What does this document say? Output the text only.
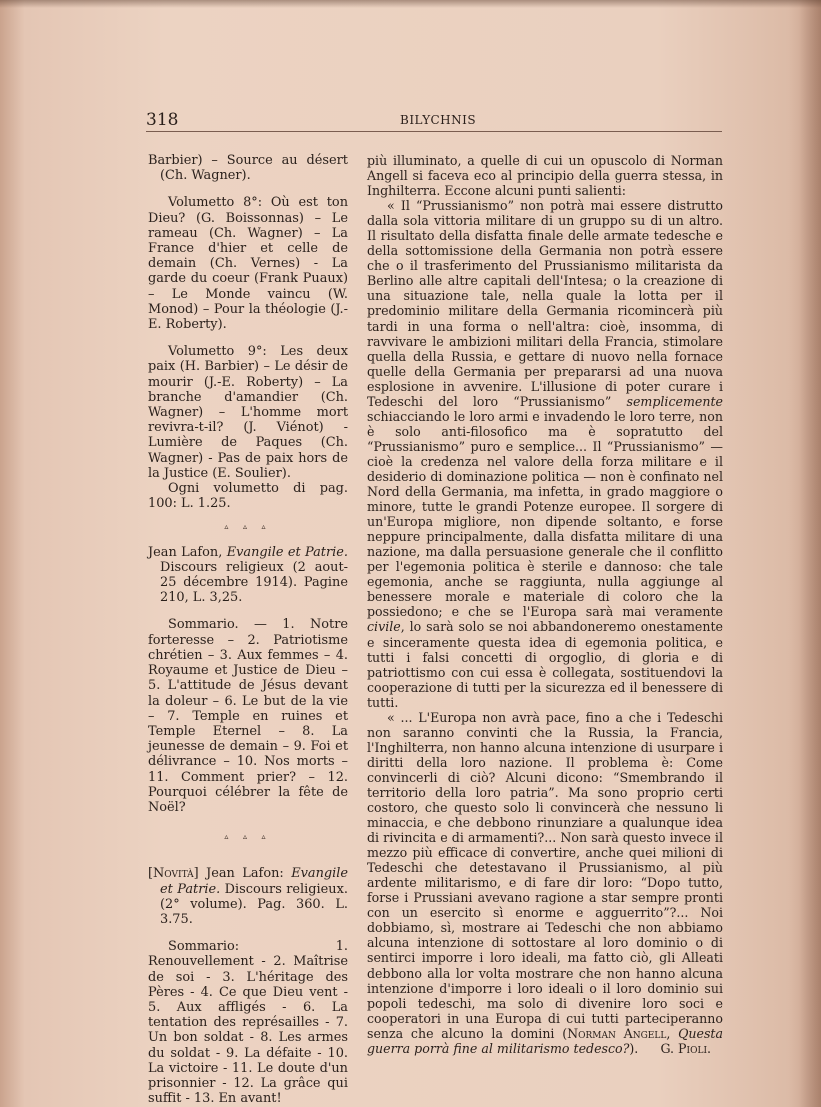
318	BILYCHNIS

Barbier) – Source au désert (Ch. Wagner).

Volumetto 8°: Où est ton Dieu? (G. Boissonnas) – Le rameau (Ch. Wagner) – La France d'hier et celle de demain (Ch. Vernes) - La garde du coeur (Frank Puaux) – Le Monde vaincu (W. Monod) – Pour la théologie (J.-E. Roberty).

Volumetto 9°: Les deux paix (H. Barbier) – Le désir de mourir (J.-E. Roberty) – La branche d'amandier (Ch. Wagner) – L'homme mort revivra-t-il? (J. Viénot) - Lumière de Paques (Ch. Wagner) - Pas de paix hors de la Justice (E. Soulier).

Ogni volumetto di pag. 100: L. 1.25.

▵ ▵ ▵

Jean Lafon, Evangile et Patrie. Discours religieux (2 aout-25 décembre 1914). Pagine 210, L. 3,25.

Sommario. — 1. Notre forteresse – 2. Patriotisme chrétien – 3. Aux femmes – 4. Royaume et Justice de Dieu – 5. L'attitude de Jésus devant la doleur – 6. Le but de la vie – 7. Temple en ruines et Temple Eternel – 8. La jeunesse de demain – 9. Foi et délivrance – 10. Nos morts – 11. Comment prier? – 12. Pourquoi célébrer la fête de Noël?

▵ ▵ ▵

[Novità] Jean Lafon: Evangile et Patrie. Discours religieux. (2° volume). Pag. 360. L. 3.75.

Sommario: 1. Renouvellement - 2. Maîtrise de soi - 3. L'héritage des Pères - 4. Ce que Dieu vent - 5. Aux affligés - 6. La tentation des représailles - 7. Un bon soldat - 8. Les armes du soldat - 9. La défaite - 10. La victoire - 11. Le doute d'un prisonnier - 12. La grâce qui suffit - 13. En avant!

più illuminato, a quelle di cui un opuscolo di Norman Angell si faceva eco al principio della guerra stessa, in Inghilterra. Eccone alcuni punti salienti:

« Il “Prussianismo” non potrà mai essere distrutto dalla sola vittoria militare di un gruppo su di un altro. Il risultato della disfatta finale delle armate tedesche e della sottomissione della Germania non potrà essere che o il trasferimento del Prussianismo militarista da Berlino alle altre capitali dell'Intesa; o la creazione di una situazione tale, nella quale la lotta per il predominio militare della Germania ricomincerà più tardi in una forma o nell'altra: cioè, insomma, di ravvivare le ambizioni militari della Francia, stimolare quella della Russia, e gettare di nuovo nella fornace quelle della Germania per prepararsi ad una nuova esplosione in avvenire. L'illusione di poter curare i Tedeschi del loro “Prussianismo” semplicemente schiacciando le loro armi e invadendo le loro terre, non è solo anti-filosofico ma è sopratutto del “Prussianismo” puro e semplice... Il “Prussianismo” — cioè la credenza nel valore della forza militare e il desiderio di dominazione politica — non è confinato nel Nord della Germania, ma infetta, in grado maggiore o minore, tutte le grandi Potenze europee. Il sorgere di un'Europa migliore, non dipende soltanto, e forse neppure principalmente, dalla disfatta militare di una nazione, ma dalla persuasione generale che il conflitto per l'egemonia politica è sterile e dannoso: che tale egemonia, anche se raggiunta, nulla aggiunge al benessere morale e materiale di coloro che la possiedono; e che se l'Europa sarà mai veramente civile, lo sarà solo se noi abbandoneremo onestamente e sinceramente questa idea di egemonia politica, e tutti i falsi concetti di orgoglio, di gloria e di patriottismo con cui essa è collegata, sostituendovi la cooperazione di tutti per la sicurezza ed il benessere di tutti.

« ... L'Europa non avrà pace, fino a che i Tedeschi non saranno convinti che la Russia, la Francia, l'Inghilterra, non hanno alcuna intenzione di usurpare i diritti della loro nazione. Il problema è: Come convincerli di ciò? Alcuni dicono: “Smembrando il territorio della loro patria”. Ma sono proprio certi costoro, che questo solo li convincerà che nessuno li minaccia, e che debbono rinunziare a qualunque idea di rivincita e di armamenti?... Non sarà questo invece il mezzo più efficace di convertire, anche quei milioni di Tedeschi che detestavano il Prussianismo, al più ardente militarismo, e di fare dir loro: “Dopo tutto, forse i Prussiani avevano ragione a star sempre pronti con un esercito sì enorme e agguerrito”?... Noi dobbiamo, sì, mostrare ai Tedeschi che non abbiamo alcuna intenzione di sottostare al loro dominio o di sentirci imporre i loro ideali, ma fatto ciò, gli Alleati debbono alla lor volta mostrare che non hanno alcuna intenzione d'imporre i loro ideali o il loro dominio sui popoli tedeschi, ma solo di divenire loro soci e cooperatori in una Europa di cui tutti parteciperanno senza che alcuno la domini (Norman Angell, Questa guerra porrà fine al militarismo tedesco?).	G. Pioli.
